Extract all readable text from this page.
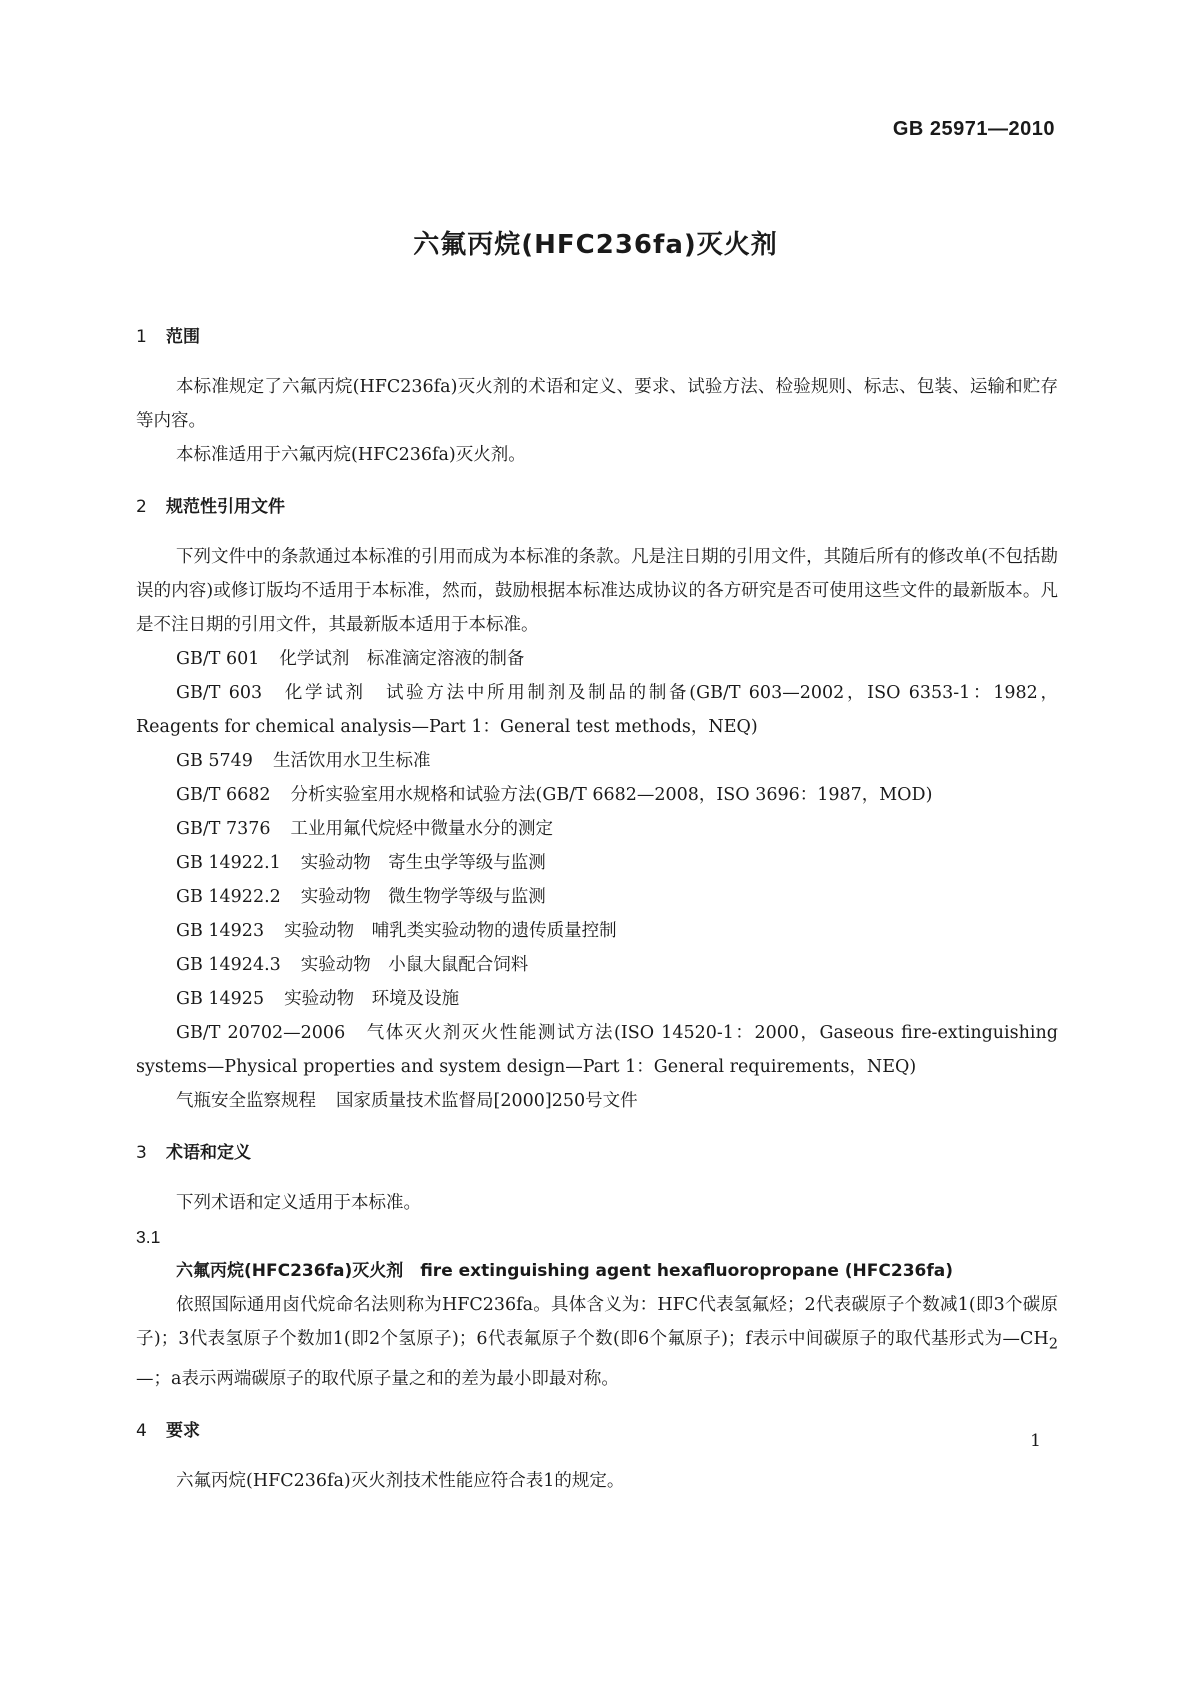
GB 25971—2010
六氟丙烷(HFC236fa)灭火剂
1 范围

本标准规定了六氟丙烷(HFC236fa)灭火剂的术语和定义、要求、试验方法、检验规则、标志、包装、运输和贮存等内容。

本标准适用于六氟丙烷(HFC236fa)灭火剂。

2 规范性引用文件

下列文件中的条款通过本标准的引用而成为本标准的条款。凡是注日期的引用文件，其随后所有的修改单(不包括勘误的内容)或修订版均不适用于本标准，然而，鼓励根据本标准达成协议的各方研究是否可使用这些文件的最新版本。凡是不注日期的引用文件，其最新版本适用于本标准。

GB/T 601 化学试剂　标准滴定溶液的制备

GB/T 603 化学试剂　试验方法中所用制剂及制品的制备(GB/T 603—2002，ISO 6353-1：1982，Reagents for chemical analysis—Part 1：General test methods，NEQ)

GB 5749 生活饮用水卫生标准

GB/T 6682 分析实验室用水规格和试验方法(GB/T 6682—2008，ISO 3696：1987，MOD)

GB/T 7376 工业用氟代烷烃中微量水分的测定

GB 14922.1 实验动物　寄生虫学等级与监测

GB 14922.2 实验动物　微生物学等级与监测

GB 14923 实验动物　哺乳类实验动物的遗传质量控制

GB 14924.3 实验动物　小鼠大鼠配合饲料

GB 14925 实验动物　环境及设施

GB/T 20702—2006 气体灭火剂灭火性能测试方法(ISO 14520-1：2000，Gaseous fire-extinguishing systems—Physical properties and system design—Part 1：General requirements，NEQ)

气瓶安全监察规程 国家质量技术监督局[2000]250号文件

3 术语和定义

下列术语和定义适用于本标准。

3.1

六氟丙烷(HFC236fa)灭火剂　fire extinguishing agent hexafluoropropane (HFC236fa)

依照国际通用卤代烷命名法则称为HFC236fa。具体含义为：HFC代表氢氟烃；2代表碳原子个数减1(即3个碳原子)；3代表氢原子个数加1(即2个氢原子)；6代表氟原子个数(即6个氟原子)；f表示中间碳原子的取代基形式为$—CH_2—$；a表示两端碳原子的取代原子量之和的差为最小即最对称。

4 要求

六氟丙烷(HFC236fa)灭火剂技术性能应符合表1的规定。

1
